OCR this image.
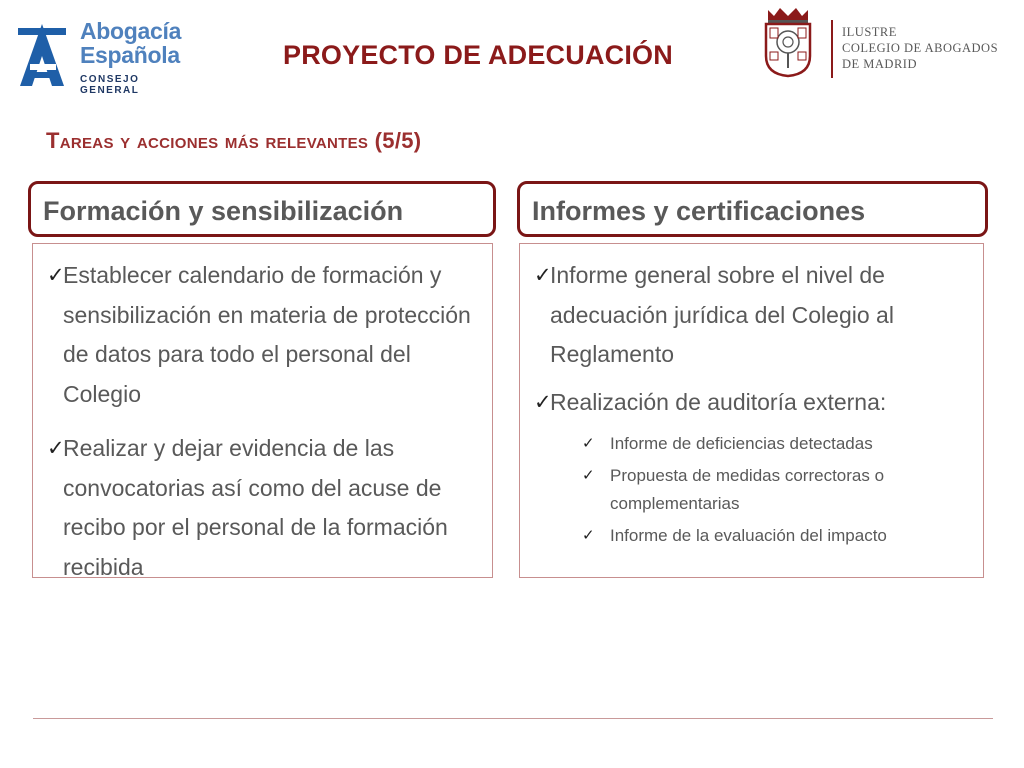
Abogacía
Española
CONSEJO GENERAL
PROYECTO DE ADECUACIÓN
ILUSTRE
COLEGIO DE ABOGADOS
DE MADRID
Tareas y acciones más relevantes (5/5)
Formación y sensibilización
✓
Establecer calendario de formación y sensibilización en materia de protección de datos para todo el personal del Colegio
✓
Realizar y dejar evidencia de las convocatorias así como del acuse de recibo por el personal de la formación recibida
Informes y certificaciones
✓
Informe general sobre el nivel de adecuación jurídica del Colegio al Reglamento
✓
Realización de auditoría externa:
✓ Informe de deficiencias detectadas
✓ Propuesta de medidas correctoras o complementarias
✓ Informe de la evaluación del impacto
